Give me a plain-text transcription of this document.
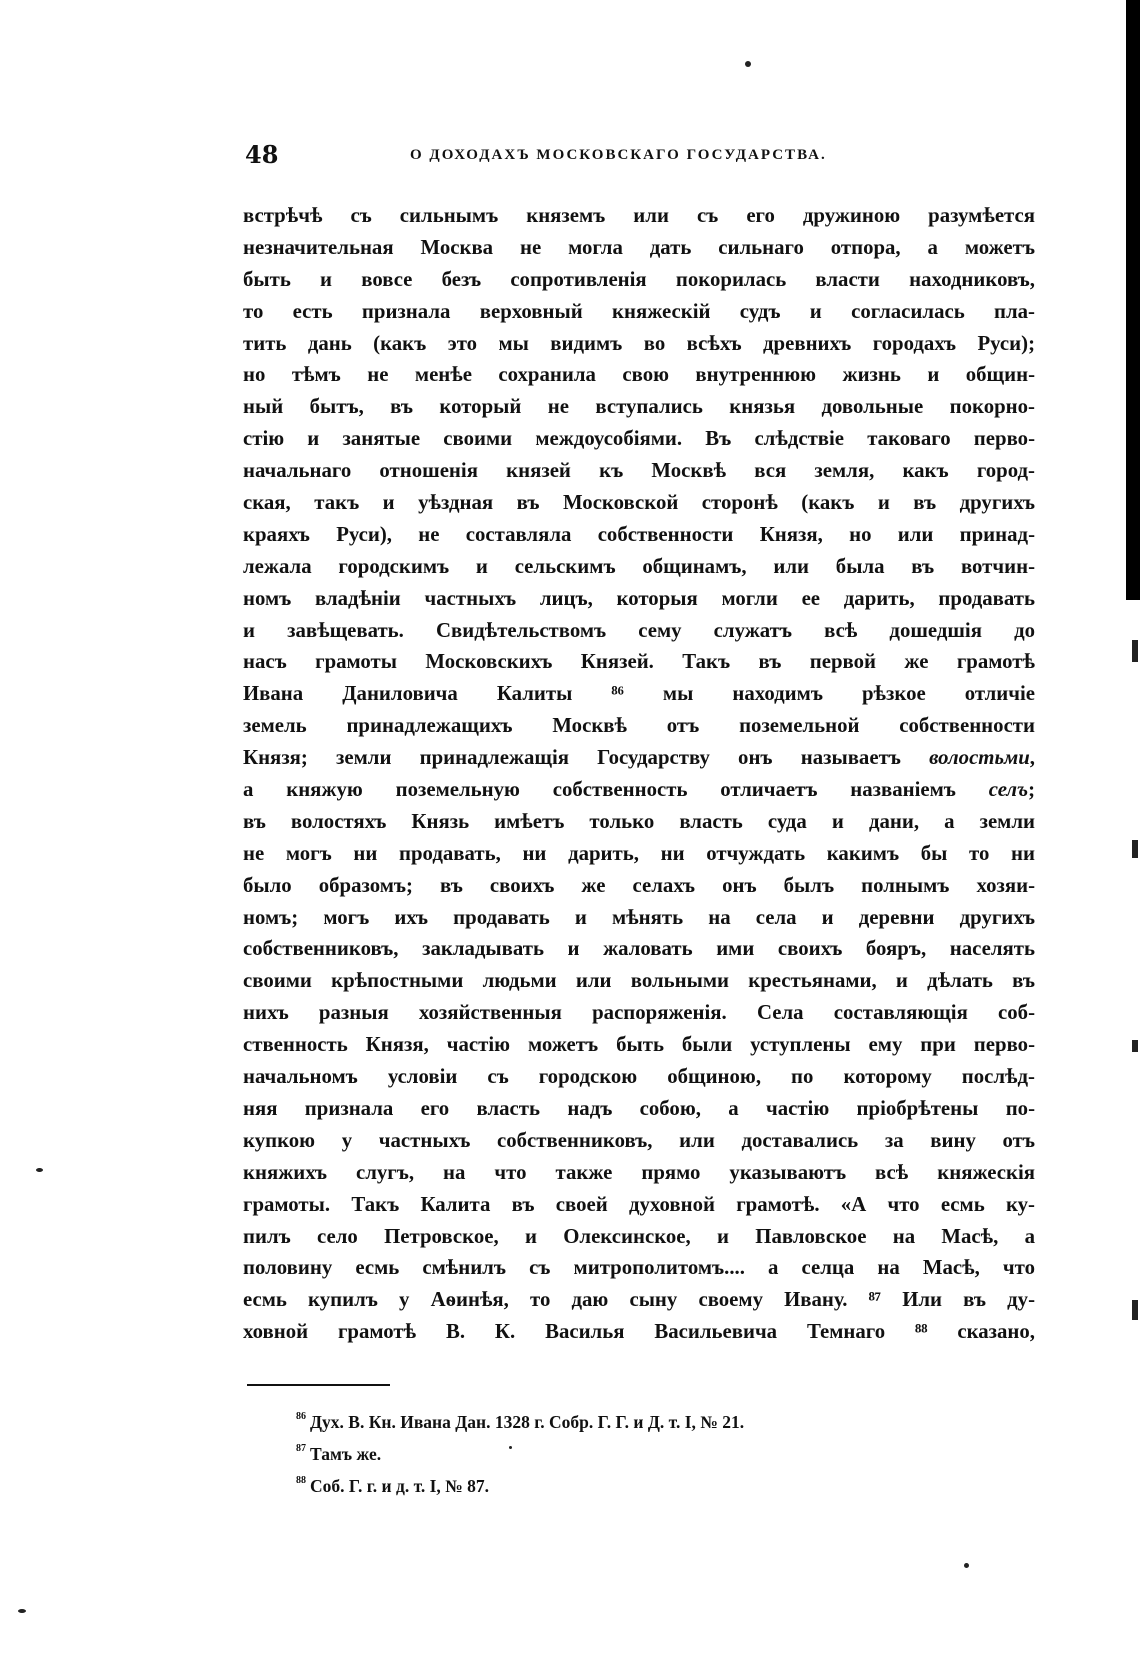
48	О ДОХОДАХЪ МОСКОВСКАГО ГОСУДАРСТВА.
встрѣчѣ съ сильнымъ княземъ или съ его дружиною разумѣется
незначительная Москва не могла дать сильнаго отпора, а можетъ
быть и вовсе безъ сопротивленія покорилась власти находниковъ,
то есть признала верховный княжескій судъ и согласилась пла-
тить дань (какъ это мы видимъ во всѣхъ древнихъ городахъ Руси);
но тѣмъ не менѣе сохранила свою внутреннюю жизнь и общин-
ный бытъ, въ который не вступались князья довольные покорно-
стію и занятые своими междоусобіями. Въ слѣдствіе таковаго перво-
начальнаго отношенія князей къ Москвѣ вся земля, какъ город-
ская, такъ и уѣздная въ Московской сторонѣ (какъ и въ другихъ
краяхъ Руси), не составляла собственности Князя, но или принад-
лежала городскимъ и сельскимъ общинамъ, или была въ вотчин-
номъ владѣніи частныхъ лицъ, которыя могли ее дарить, продавать
и завѣщевать. Свидѣтельствомъ сему служатъ всѣ дошедшія до
насъ грамоты Московскихъ Князей. Такъ въ первой же грамотѣ
Ивана Даниловича Калиты ⁸⁶ мы находимъ рѣзкое отличіе
земель принадлежащихъ Москвѣ отъ поземельной собственности
Князя; земли принадлежащія Государству онъ называетъ волостьми,
а княжую поземельную собственность отличаетъ названіемъ селъ;
въ волостяхъ Князь имѣетъ только власть суда и дани, а земли
не могъ ни продавать, ни дарить, ни отчуждать какимъ бы то ни
было образомъ; въ своихъ же селахъ онъ былъ полнымъ хозяи-
номъ; могъ ихъ продавать и мѣнять на села и деревни другихъ
собственниковъ, закладывать и жаловать ими своихъ бояръ, населять
своими крѣпостными людьми или вольными крестьянами, и дѣлать въ
нихъ разныя хозяйственныя распоряженія. Села составляющія соб-
ственность Князя, частію можетъ быть были уступлены ему при перво-
начальномъ условіи съ городскою общиною, по которому послѣд-
няя признала его власть надъ собою, а частію пріобрѣтены по-
купкою у частныхъ собственниковъ, или доставались за вину отъ
княжихъ слугъ, на что также прямо указываютъ всѣ княжескія
грамоты. Такъ Калита въ своей духовной грамотѣ. «А что есмь ку-
пилъ село Петровское, и Олексинское, и Павловское на Масѣ, а
половину есмь смѣнилъ съ митрополитомъ.... а селца на Масѣ, что
есмь купилъ у Аѳинѣя, то даю сыну своему Ивану. ⁸⁷ Или въ ду-
ховной грамотѣ В. К. Василья Васильевича Темнаго ⁸⁸ сказано,
$^{86}$ Дух. В. Кн. Ивана Дан. 1328 г. Собр. Г. Г. и Д. т. I, № 21.
$^{87}$ Тамъ же.
$^{88}$ Соб. Г. г. и д. т. I, № 87.
